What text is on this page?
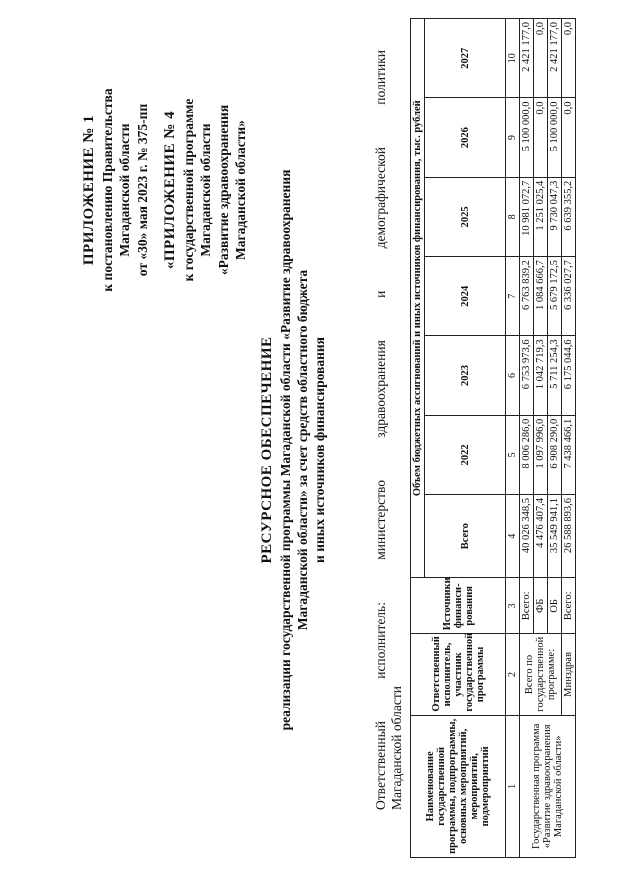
ПРИЛОЖЕНИЕ № 1 к постановлению Правительства Магаданской области от «30» мая 2023 г. № 375-пп «ПРИЛОЖЕНИЕ № 4 к государственной программе Магаданской области «Развитие здравоохранения Магаданской области»

РЕСУРСНОЕ ОБЕСПЕЧЕНИЕ реализации государственной программы Магаданской области «Развитие здравоохранения Магаданской области» за счет средств областного бюджета и иных источников финансирования
Ответственный
исполнитель:
министерство
здравоохранения
и
демографической
политики
Магаданской области Наименование государственной программы, подпрограммы, основных мероприятий, мероприятий, подмероприятий	Ответственный исполнитель, участник государственной программы	Источники финанси-рования	Объем бюджетных ассигнований и иных источников финансирования, тыс. рублей						
			Всего	2022	2023	2024	2025	2026	2027
1	2	3	4	5	6	7	8	9	10
Государственная программа «Развитие здравоохранения Магаданской области»	Всего по государственной программе:	Всего:	40 026 348,5	8 006 286,0	6 753 973,6	6 763 839,2	10 981 072,7	5 100 000,0	2 421 177,0
		ФБ	4 476 407,4	1 097 996,0	1 042 719,3	1 084 666,7	1 251 025,4	0,0	0,0
		ОБ	35 549 941,1	6 908 290,0	5 711 254,3	5 679 172,5	9 730 047,3	5 100 000,0	2 421 177,0
	Минздрав	Всего:	26 588 893,6	7 438 466,1	6 175 044,6	6 336 027,7	6 639 355,2	0,0	0,0
